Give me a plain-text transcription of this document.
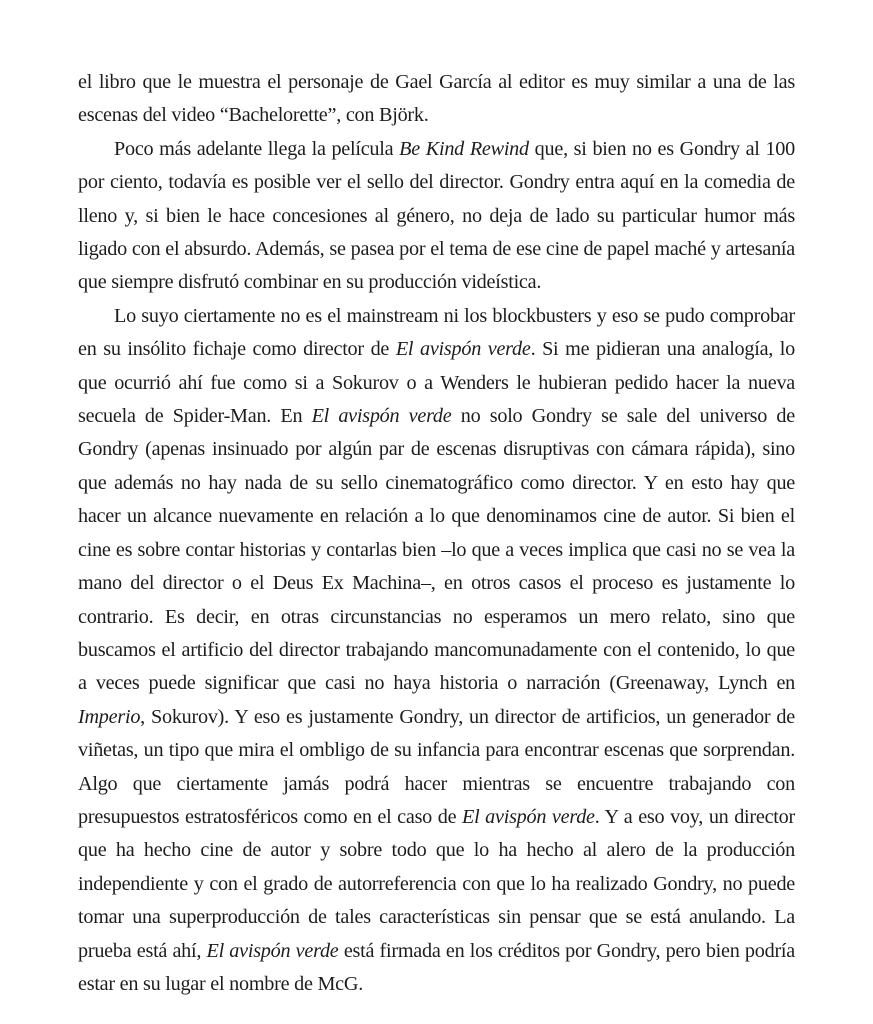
el libro que le muestra el personaje de Gael García al editor es muy similar a una de las escenas del video “Bachelorette”, con Björk.

Poco más adelante llega la película Be Kind Rewind que, si bien no es Gondry al 100 por ciento, todavía es posible ver el sello del director. Gondry entra aquí en la comedia de lleno y, si bien le hace concesiones al género, no deja de lado su particular humor más ligado con el absurdo. Además, se pasea por el tema de ese cine de papel maché y artesanía que siempre disfrutó combinar en su producción videística.

Lo suyo ciertamente no es el mainstream ni los blockbusters y eso se pudo comprobar en su insólito fichaje como director de El avispón verde. Si me pidieran una analogía, lo que ocurrió ahí fue como si a Sokurov o a Wenders le hubieran pedido hacer la nueva secuela de Spider-Man. En El avispón verde no solo Gondry se sale del universo de Gondry (apenas insinuado por algún par de escenas disruptivas con cámara rápida), sino que además no hay nada de su sello cinematográfico como director. Y en esto hay que hacer un alcance nuevamente en relación a lo que denominamos cine de autor. Si bien el cine es sobre contar historias y contarlas bien –lo que a veces implica que casi no se vea la mano del director o el Deus Ex Machina–, en otros casos el proceso es justamente lo contrario. Es decir, en otras circunstancias no esperamos un mero relato, sino que buscamos el artificio del director trabajando mancomunadamente con el contenido, lo que a veces puede significar que casi no haya historia o narración (Greenaway, Lynch en Imperio, Sokurov). Y eso es justamente Gondry, un director de artificios, un generador de viñetas, un tipo que mira el ombligo de su infancia para encontrar escenas que sorprendan. Algo que ciertamente jamás podrá hacer mientras se encuentre trabajando con presupuestos estratosféricos como en el caso de El avispón verde. Y a eso voy, un director que ha hecho cine de autor y sobre todo que lo ha hecho al alero de la producción independiente y con el grado de autorreferencia con que lo ha realizado Gondry, no puede tomar una superproducción de tales características sin pensar que se está anulando. La prueba está ahí, El avispón verde está firmada en los créditos por Gondry, pero bien podría estar en su lugar el nombre de McG.
